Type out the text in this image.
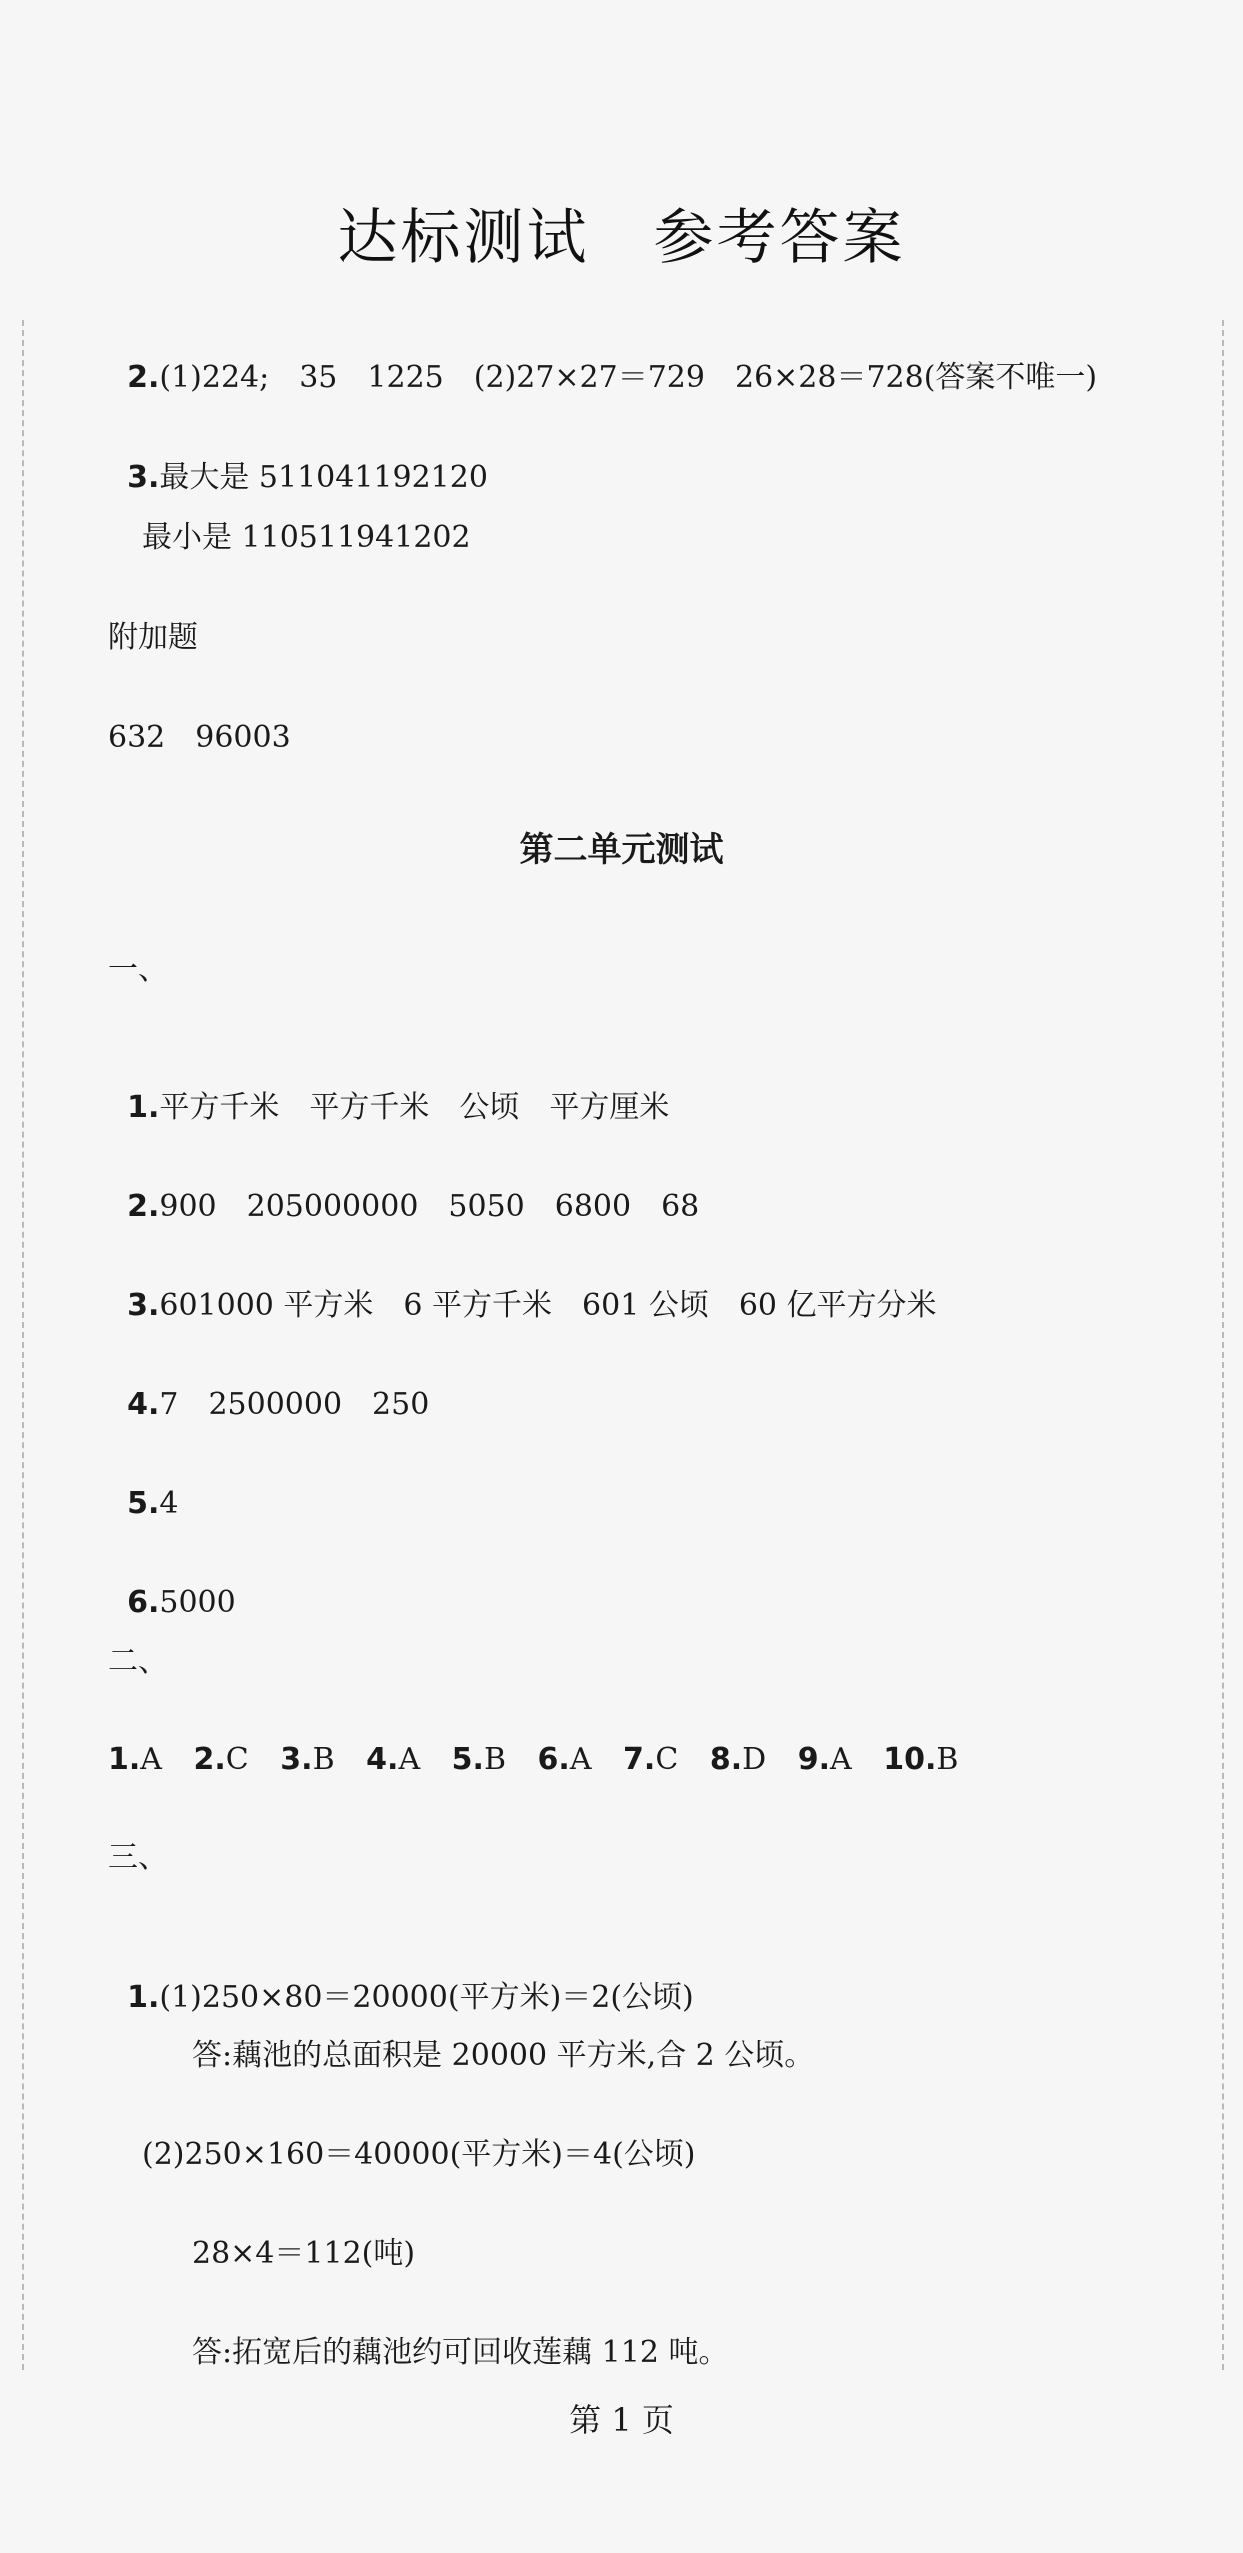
达标测试 参考答案

2.(1)224;　35　1225　(2)27×27＝729　26×28＝728(答案不唯一)

3.最大是 511041192120

最小是 110511941202
附加题
632　96003
第二单元测试
一、

1.平方千米　平方千米　公顷　平方厘米

2.900　205000000　5050　6800　68

3.601000 平方米　6 平方千米　601 公顷　60 亿平方分米

4.7　2500000　250

5.4

6.5000

二、
1.A 2.C 3.B 4.A 5.B 6.A 7.C 8.D 9.A 10.B
三、

1.(1)250×80＝20000(平方米)＝2(公顷)

答:藕池的总面积是 20000 平方米,合 2 公顷。
(2)250×160＝40000(平方米)＝4(公顷)
28×4＝112(吨)
答:拓宽后的藕池约可回收莲藕 112 吨。
第 1 页
